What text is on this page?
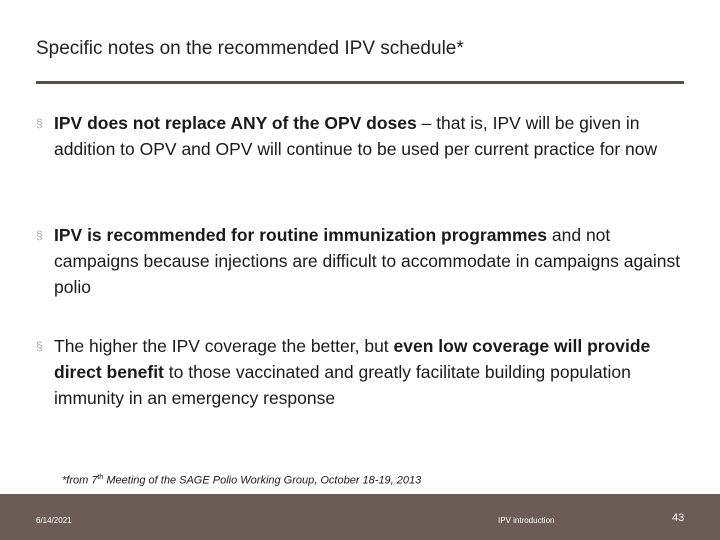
Specific notes on the recommended IPV schedule*
§ IPV does not replace ANY of the OPV doses – that is, IPV will be given in addition to OPV and OPV will continue to be used per current practice for now
§ IPV is recommended for routine immunization programmes and not campaigns because injections are difficult to accommodate in campaigns against polio
§ The higher the IPV coverage the better, but even low coverage will provide direct benefit to those vaccinated and greatly facilitate building population immunity in an emergency response
*from 7th Meeting of the SAGE Polio Working Group, October 18-19, 2013
6/14/2021	IPV introduction	43
